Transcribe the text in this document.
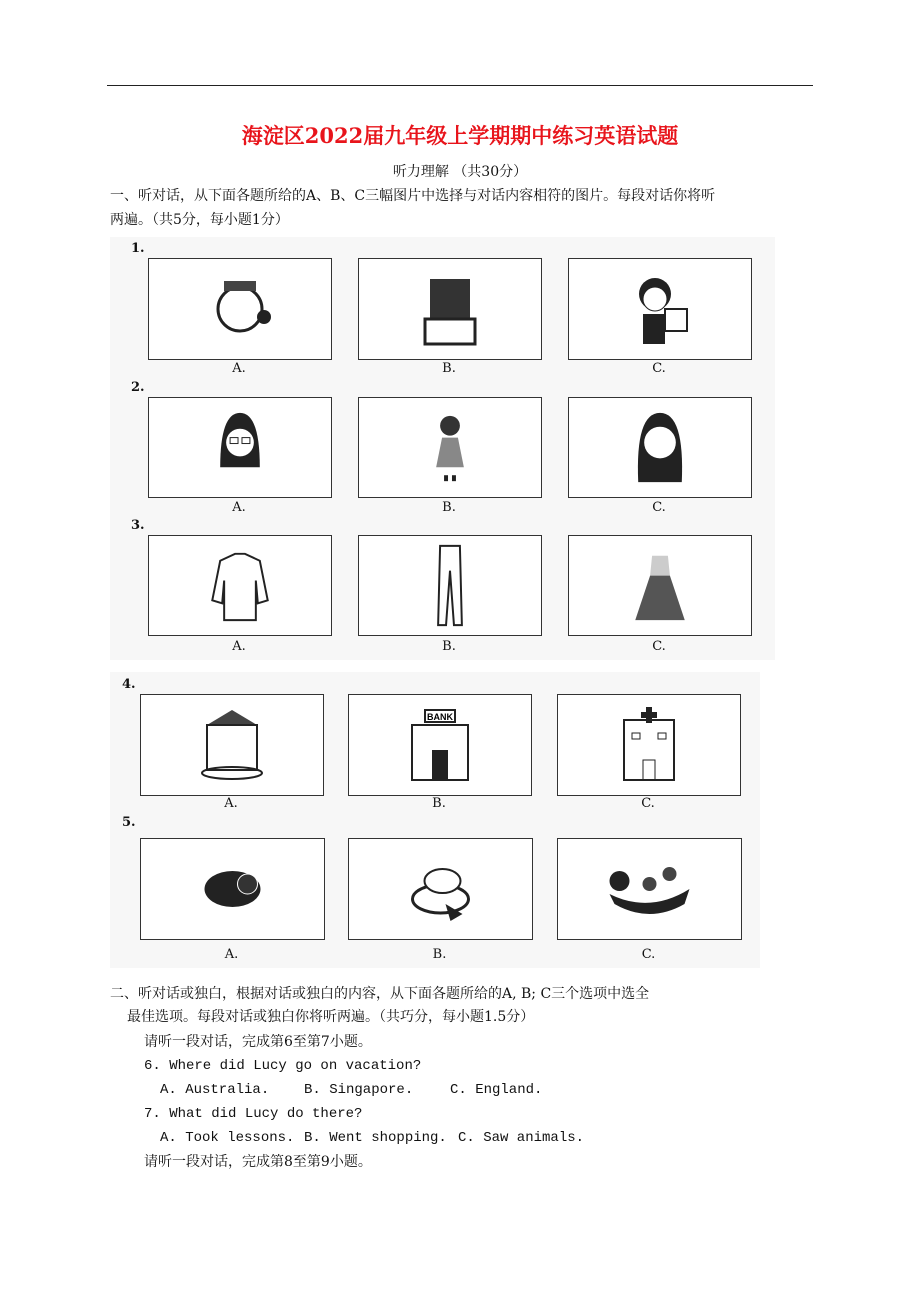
海淀区2022届九年级上学期期中练习英语试题
听力理解 （共30分）
一、听对话，从下面各题所给的A、B、C三幅图片中选择与对话内容相符的图片。每段对话你将听
两遍。（共5分，每小题1分）
1.
A.	B.	C.
2.
A.	B.	C.
3.
A.	B.	C.
4.
A.
BANK
B.	C.
5.
A.	B.	C.
二、听对话或独白，根据对话或独白的内容，从下面各题所给的A, B; C三个选项中选全
最佳选项。每段对话或独白你将听两遍。（共巧分，每小题1.5分）
请听一段对话，完成第6至第7小题。
6. Where did Lucy go on vacation?
A. Australia. B. Singapore.	C. England.
7. What did Lucy do there?
A. Took lessons. B. Went shopping. C. Saw animals.
请听一段对话，完成第8至第9小题。
